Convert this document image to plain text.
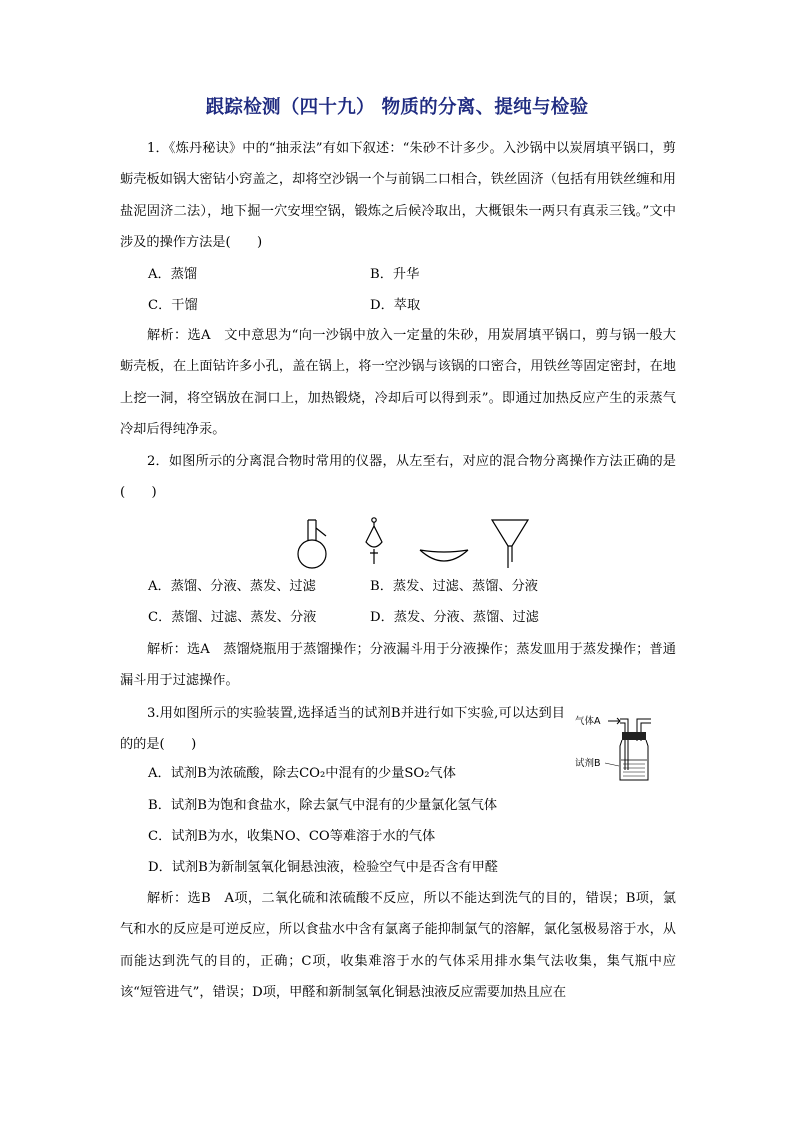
跟踪检测（四十九） 物质的分离、提纯与检验
1．《炼丹秘诀》中的“抽汞法”有如下叙述：“朱砂不计多少。入沙锅中以炭屑填平锅口，剪蛎壳板如锅大密钻小窍盖之，却将空沙锅一个与前锅二口相合，铁丝固济（包括有用铁丝缠和用盐泥固济二法），地下掘一穴安埋空锅，锻炼之后候冷取出，大概银朱一两只有真汞三钱。”文中涉及的操作方法是(　　)
A．蒸馏	B．升华
C．干馏	D．萃取
解析：选A　文中意思为“向一沙锅中放入一定量的朱砂，用炭屑填平锅口，剪与锅一般大蛎壳板，在上面钻许多小孔，盖在锅上，将一空沙锅与该锅的口密合，用铁丝等固定密封，在地上挖一洞，将空锅放在洞口上，加热锻烧，冷却后可以得到汞”。即通过加热反应产生的汞蒸气冷却后得纯净汞。
2．如图所示的分离混合物时常用的仪器，从左至右，对应的混合物分离操作方法正确的是(　　)
A．蒸馏、分液、蒸发、过滤	B．蒸发、过滤、蒸馏、分液
C．蒸馏、过滤、蒸发、分液	D．蒸发、分液、蒸馏、过滤
解析：选A　蒸馏烧瓶用于蒸馏操作；分液漏斗用于分液操作；蒸发皿用于蒸发操作；普通漏斗用于过滤操作。
3.用如图所示的实验装置,选择适当的试剂B并进行如下实验,可以达到目的的是(　　)
气体A
试剂B
A．试剂B为浓硫酸，除去CO₂中混有的少量SO₂气体
B．试剂B为饱和食盐水，除去氯气中混有的少量氯化氢气体
C．试剂B为水，收集NO、CO等难溶于水的气体
D．试剂B为新制氢氧化铜悬浊液，检验空气中是否含有甲醛
解析：选B　A项，二氧化硫和浓硫酸不反应，所以不能达到洗气的目的，错误；B项，氯气和水的反应是可逆反应，所以食盐水中含有氯离子能抑制氯气的溶解，氯化氢极易溶于水，从而能达到洗气的目的，正确；C项，收集难溶于水的气体采用排水集气法收集，集气瓶中应该“短管进气”，错误；D项，甲醛和新制氢氧化铜悬浊液反应需要加热且应在
